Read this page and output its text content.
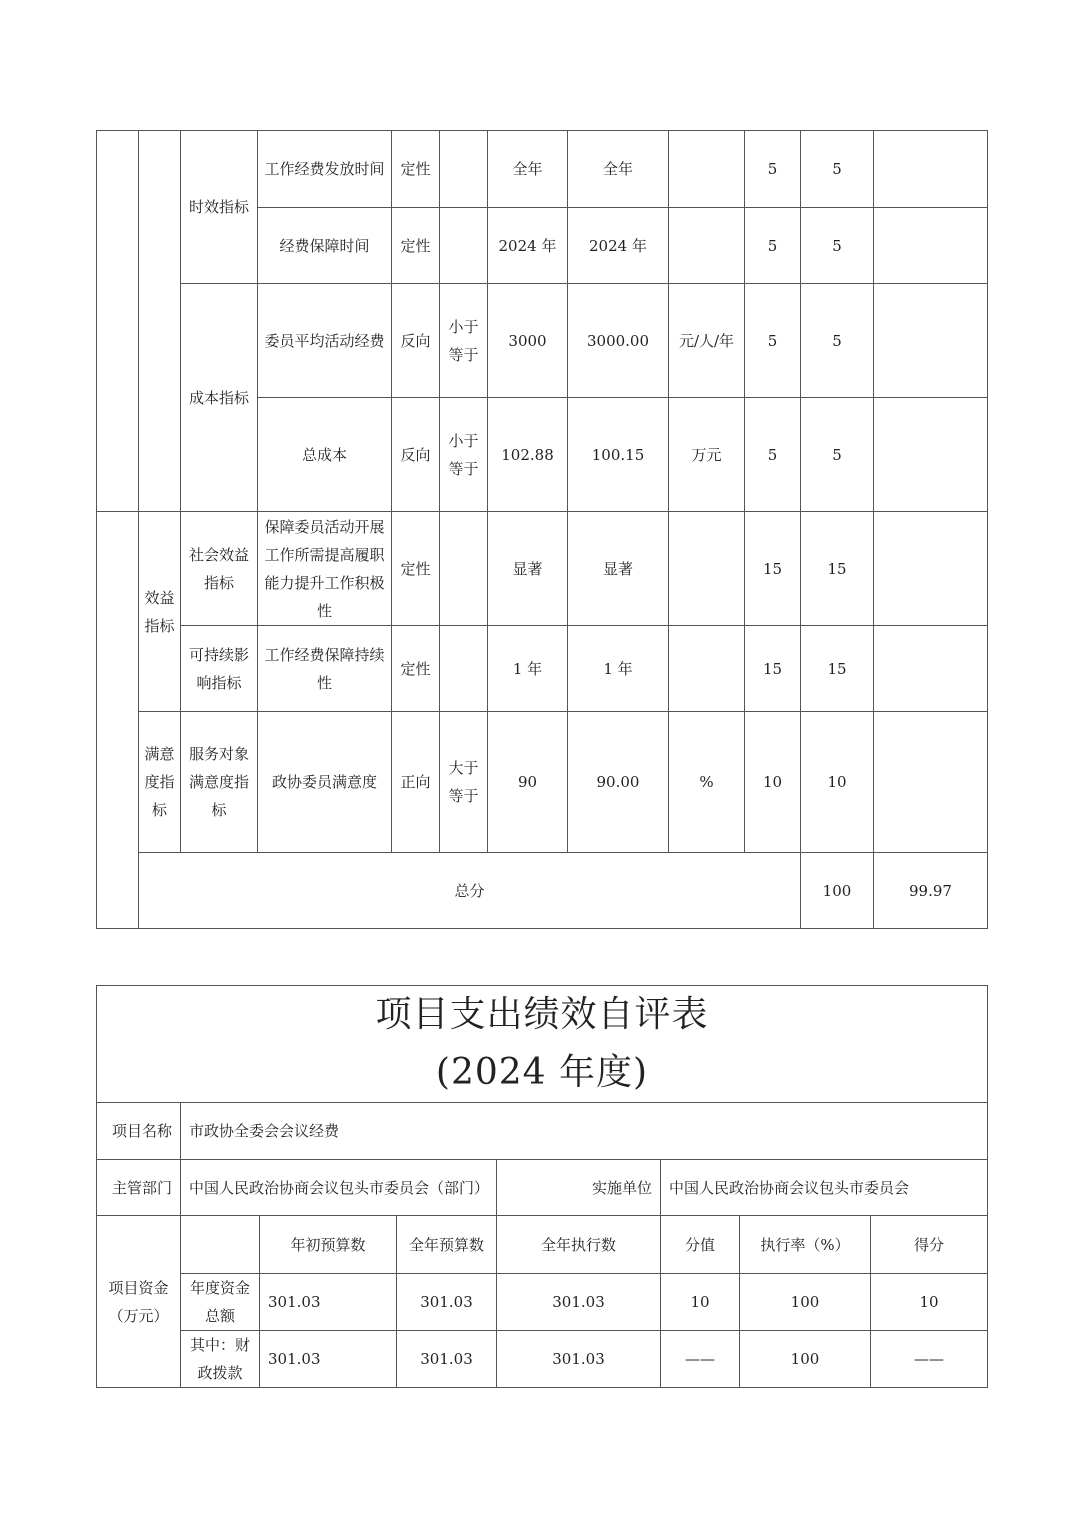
		时效指标	工作经费发放时间	定性		全年	全年		5	5		
			经费保障时间	定性		2024 年	2024 年		5	5		
		成本指标	委员平均活动经费	反向	小于等于	3000	3000.00	元/人/年	5	5		
			总成本	反向	小于等于	102.88	100.15	万元	5	5		
	效益指标	社会效益指标	保障委员活动开展工作所需提高履职能力提升工作积极性	定性		显著	显著		15	15		
		可持续影响指标	工作经费保障持续性	定性		1 年	1 年		15	15		
	满意度指标	服务对象满意度指标	政协委员满意度	正向	大于等于	90	90.00	%	10	10		
	总分									100	99.97	
项目支出绩效自评表
(2024 年度)							

项目名称	市政协全委会会议经费						
主管部门	中国人民政治协商会议包头市委员会（部门）			实施单位	中国人民政治协商会议包头市委员会		
项目资金（万元）		年初预算数	全年预算数	全年执行数	分值	执行率（%）	得分
	年度资金总额	301.03	301.03	301.03	10	100	10
	其中：财政拨款	301.03	301.03	301.03	——	100	——
